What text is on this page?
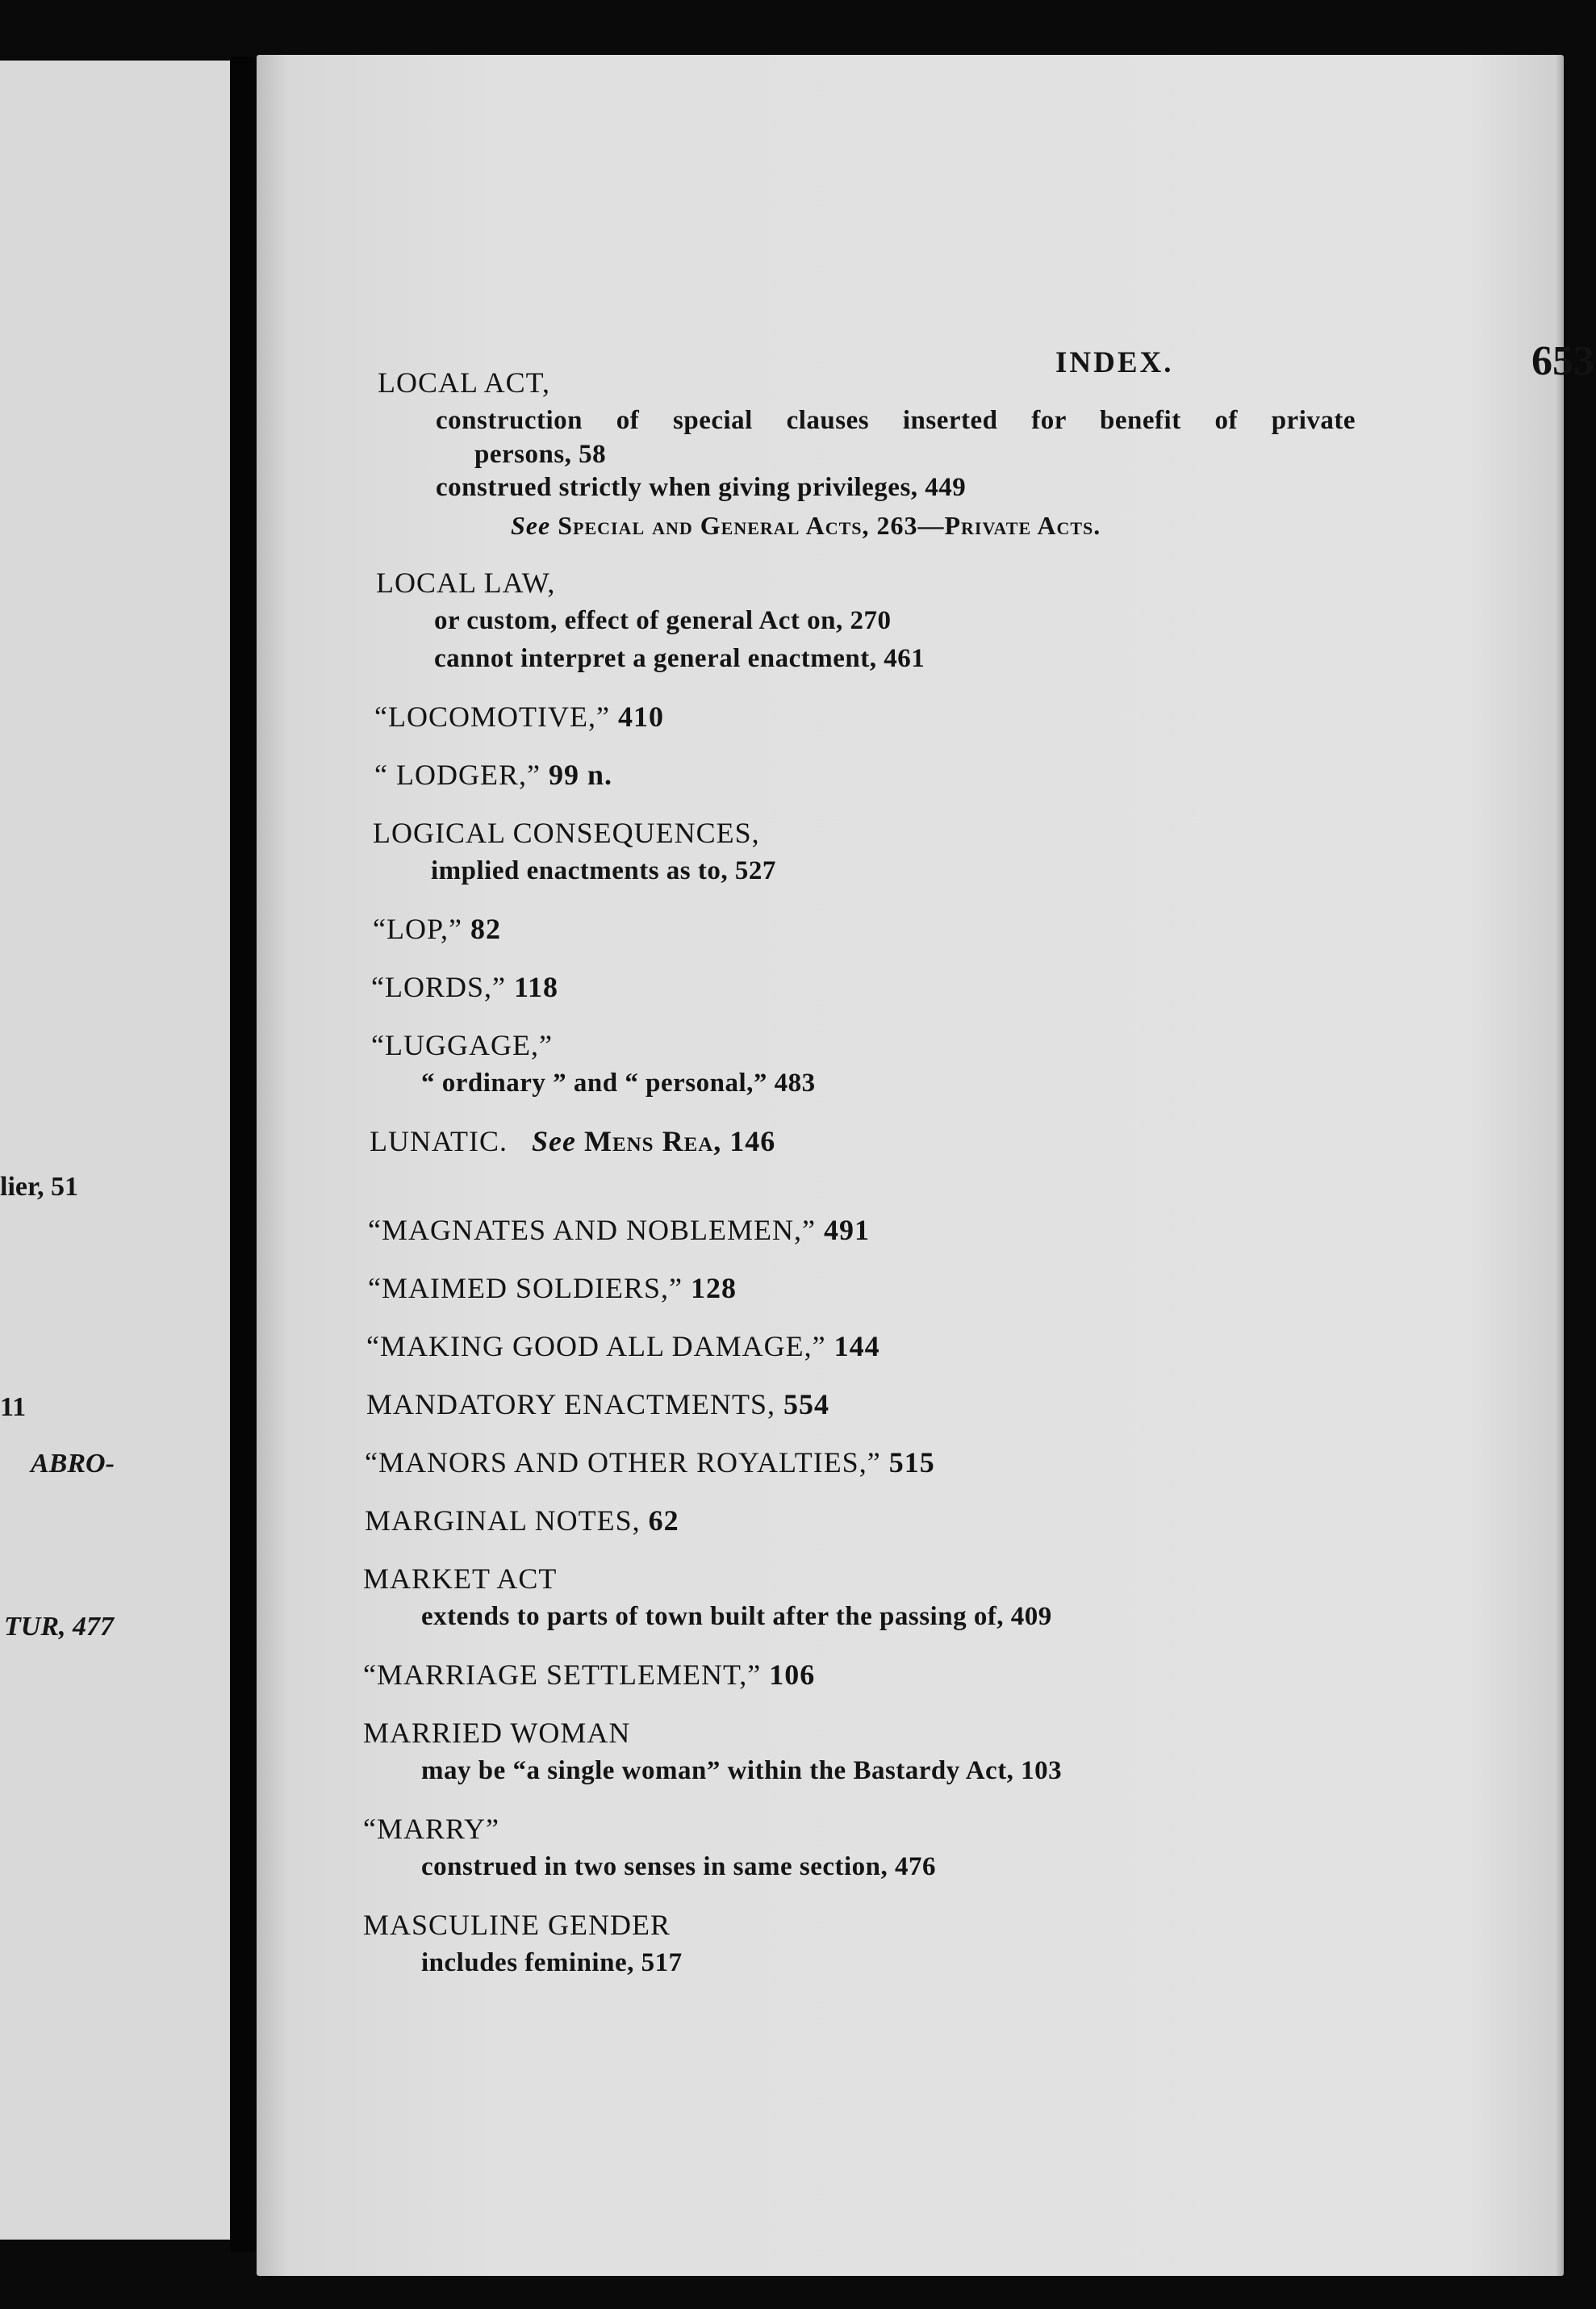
lier, 51
11
ABRO-
TUR, 477
INDEX.	653
LOCAL ACT,
construction of special clauses inserted for benefit of private
persons, 58
construed strictly when giving privileges, 449
See Special and General Acts, 263—Private Acts.
LOCAL LAW,
or custom, effect of general Act on, 270
cannot interpret a general enactment, 461
“LOCOMOTIVE,” 410
“ LODGER,” 99 n.
LOGICAL CONSEQUENCES,
implied enactments as to, 527
“LOP,” 82
“LORDS,” 118
“LUGGAGE,”
“ ordinary ” and “ personal,” 483
LUNATIC. See Mens Rea, 146
“MAGNATES AND NOBLEMEN,” 491
“MAIMED SOLDIERS,” 128
“MAKING GOOD ALL DAMAGE,” 144
MANDATORY ENACTMENTS, 554
“MANORS AND OTHER ROYALTIES,” 515
MARGINAL NOTES, 62
MARKET ACT
extends to parts of town built after the passing of, 409
“MARRIAGE SETTLEMENT,” 106
MARRIED WOMAN
may be “a single woman” within the Bastardy Act, 103
“MARRY”
construed in two senses in same section, 476
MASCULINE GENDER
includes feminine, 517
